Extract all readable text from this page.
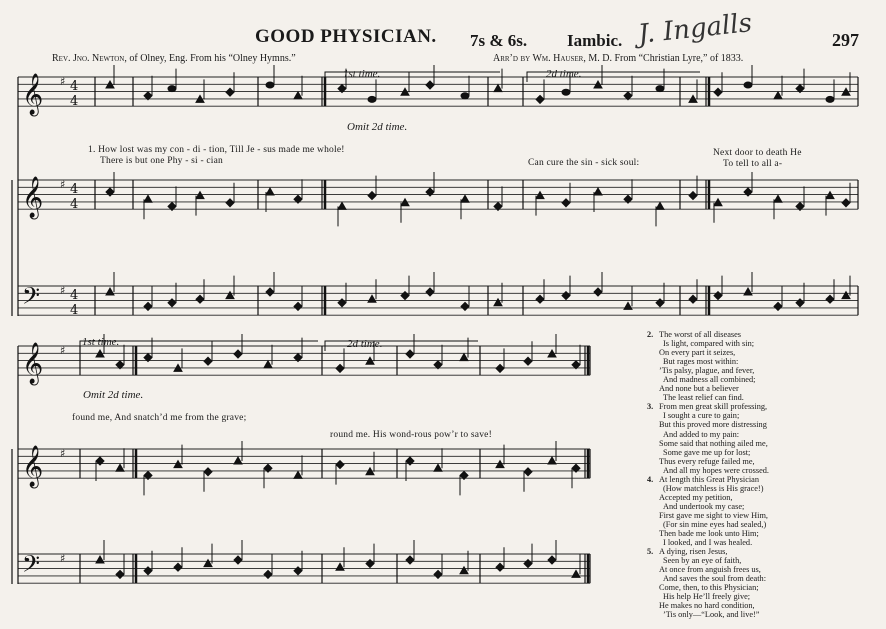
GOOD PHYSICIAN. 7s & 6s. Iambic.	297
J. Ingalls
Rev. Jno. Newton, of Olney, Eng. From his “Olney Hymns.”	Arr’d by Wm. Hauser, M. D. From “Christian Lyre,” of 1833.
𝄞 ♯
𝄞 ♯
𝄞 ♯
𝄞 ♯
𝄢 ♯
𝄢 ♯
4
4
4
4
4
4
1st time.	2d time.
Omit 2d time.
1st time.	2d time.
Omit 2d time.
1. How lost was my con - di - tion, Till Je - sus made me whole!
There is but one Phy - si - cian	Can cure the sin - sick soul:
Next door to death He
To tell to all a-
found me, And snatch’d me from the grave;
round me. His wond-rous pow’r to save!
2. The worst of all diseases
Is light, compared with sin;
On every part it seizes,
But rages most within:
’Tis palsy, plague, and fever,
And madness all combined;
And none but a believer
The least relief can find.
3. From men great skill professing,
I sought a cure to gain;
But this proved more distressing
And added to my pain:
Some said that nothing ailed me,
Some gave me up for lost;
Thus every refuge failed me,
And all my hopes were crossed.
4. At length this Great Physician
(How matchless is His grace!)
Accepted my petition,
And undertook my case;
First gave me sight to view Him,
(For sin mine eyes had sealed,)
Then bade me look unto Him;
I looked, and I was healed.
5. A dying, risen Jesus,
Seen by an eye of faith,
At once from anguish frees us,
And saves the soul from death:
Come, then, to this Physician;
His help He’ll freely give;
He makes no hard condition,
’Tis only—“Look, and live!”
